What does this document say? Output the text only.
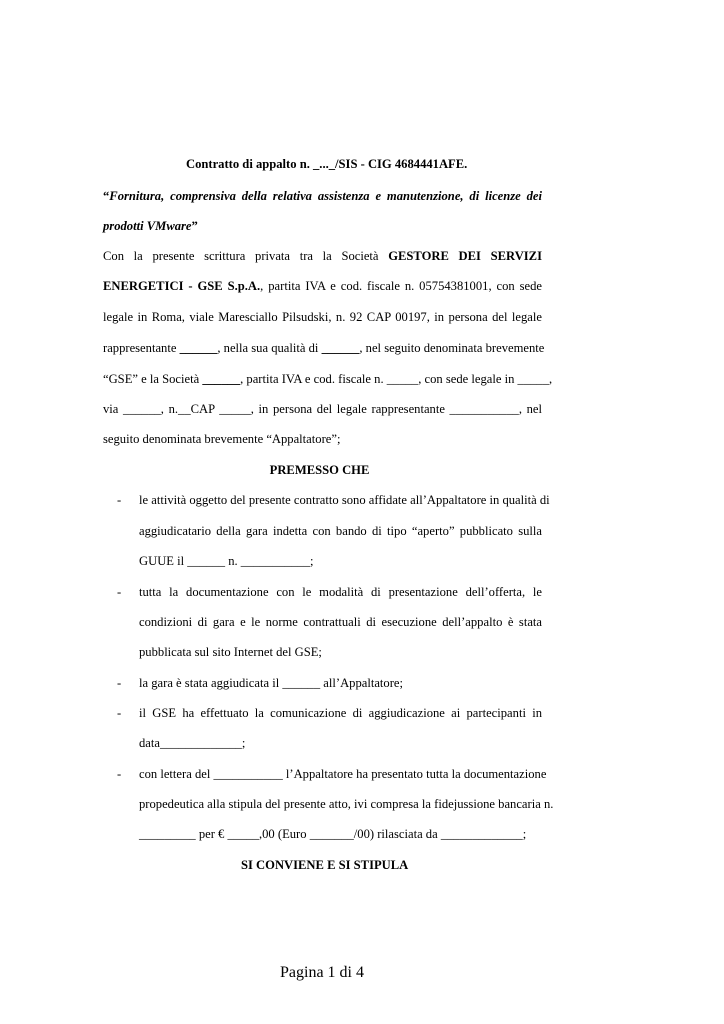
Contratto di appalto n. _..._/SIS - CIG 4684441AFE.
“Fornitura, comprensiva della relativa assistenza e manutenzione, di licenze dei
prodotti VMware”
Con la presente scrittura privata tra la Società GESTORE DEI SERVIZI
ENERGETICI - GSE S.p.A., partita IVA e cod. fiscale n. 05754381001, con sede
legale in Roma, viale Maresciallo Pilsudski, n. 92 CAP 00197, in persona del legale
rappresentante ______, nella sua qualità di ______, nel seguito denominata brevemente
“GSE” e la Società ______, partita IVA e cod. fiscale n. _____, con sede legale in _____,
via ______, n.__CAP _____, in persona del legale rappresentante ___________, nel
seguito denominata brevemente “Appaltatore”;
PREMESSO CHE
-	le attività oggetto del presente contratto sono affidate all’Appaltatore in qualità di
aggiudicatario della gara indetta con bando di tipo “aperto” pubblicato sulla
GUUE il ______ n. ___________;
-	tutta la documentazione con le modalità di presentazione dell’offerta, le
condizioni di gara e le norme contrattuali di esecuzione dell’appalto è stata
pubblicata sul sito Internet del GSE;
-	la gara è stata aggiudicata il ______ all’Appaltatore;
-	il GSE ha effettuato la comunicazione di aggiudicazione ai partecipanti in
data_____________;
-	con lettera del ___________ l’Appaltatore ha presentato tutta la documentazione
propedeutica alla stipula del presente atto, ivi compresa la fidejussione bancaria n.
_________ per € _____,00 (Euro _______/00) rilasciata da _____________;
SI CONVIENE E SI STIPULA
Pagina 1 di 4
